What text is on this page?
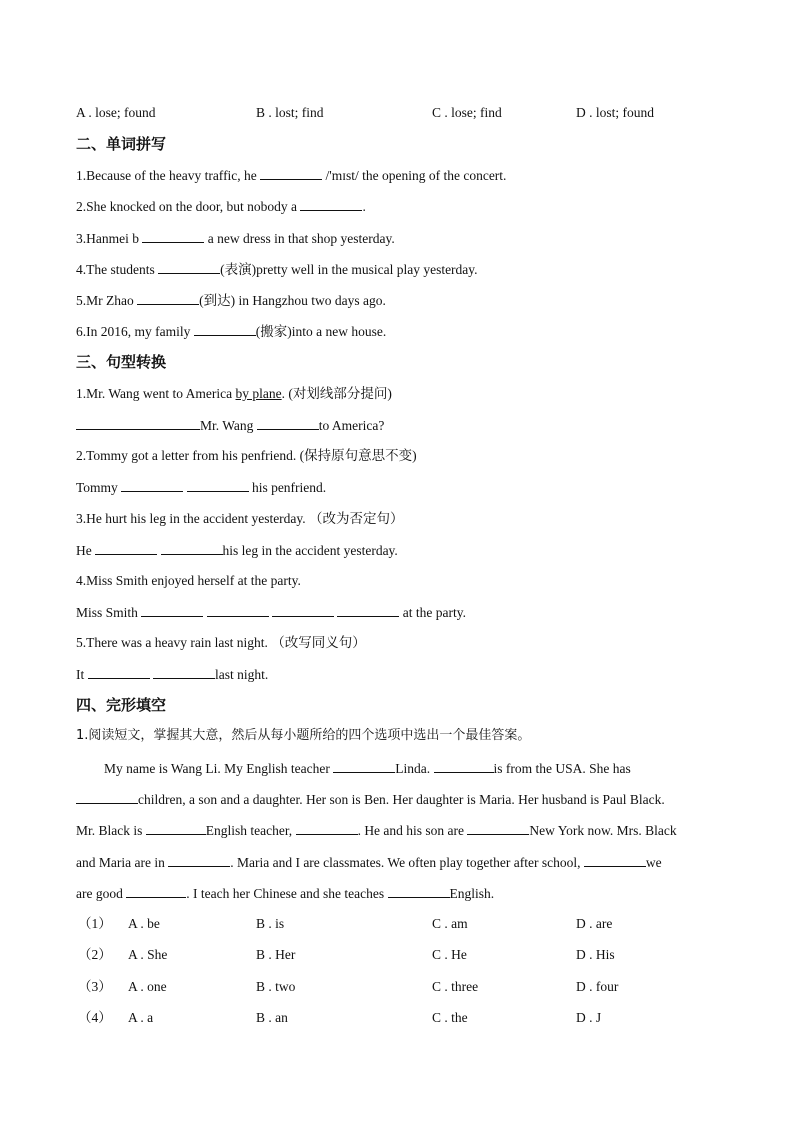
A . lose; found	B . lost; find	C . lose; find	D . lost; found
二、单词拼写
1.Because of the heavy traffic, he	/'mɪst/ the opening of the concert.
2.She knocked on the door, but nobody a	.
3.Hanmei b	a new dress in that shop yesterday.
4.The students	(表演)pretty well in the musical play yesterday.
5.Mr Zhao	(到达) in Hangzhou two days ago.
6.In 2016, my family	(搬家)into a new house.
三、句型转换
1.Mr. Wang went to America by plane. (对划线部分提问)
Mr. Wang	to America?
2.Tommy got a letter from his penfriend. (保持原句意思不变)
Tommy	his penfriend.
3.He hurt his leg in the accident yesterday. （改为否定句）
He	his leg in the accident yesterday.
4.Miss Smith enjoyed herself at the party.
Miss Smith	at the party.
5.There was a heavy rain last night. （改写同义句）
It	last night.
四、完形填空
1.阅读短文，掌握其大意，然后从每小题所给的四个选项中选出一个最佳答案。
My name is Wang Li. My English teacher	Linda.	is from the USA. She has
children, a son and a daughter. Her son is Ben. Her daughter is Maria. Her husband is Paul Black.
Mr. Black is	English teacher,	. He and his son are	New York now. Mrs. Black
and Maria are in	. Maria and I are classmates. We often play together after school,	we
are good	. I teach her Chinese and she teaches	English.
（1） A . be	B . is	C . am	D . are
（2） A . She	B . Her	C . He	D . His
（3） A . one	B . two	C . three	D . four
（4） A . a	B . an	C . the	D . J
